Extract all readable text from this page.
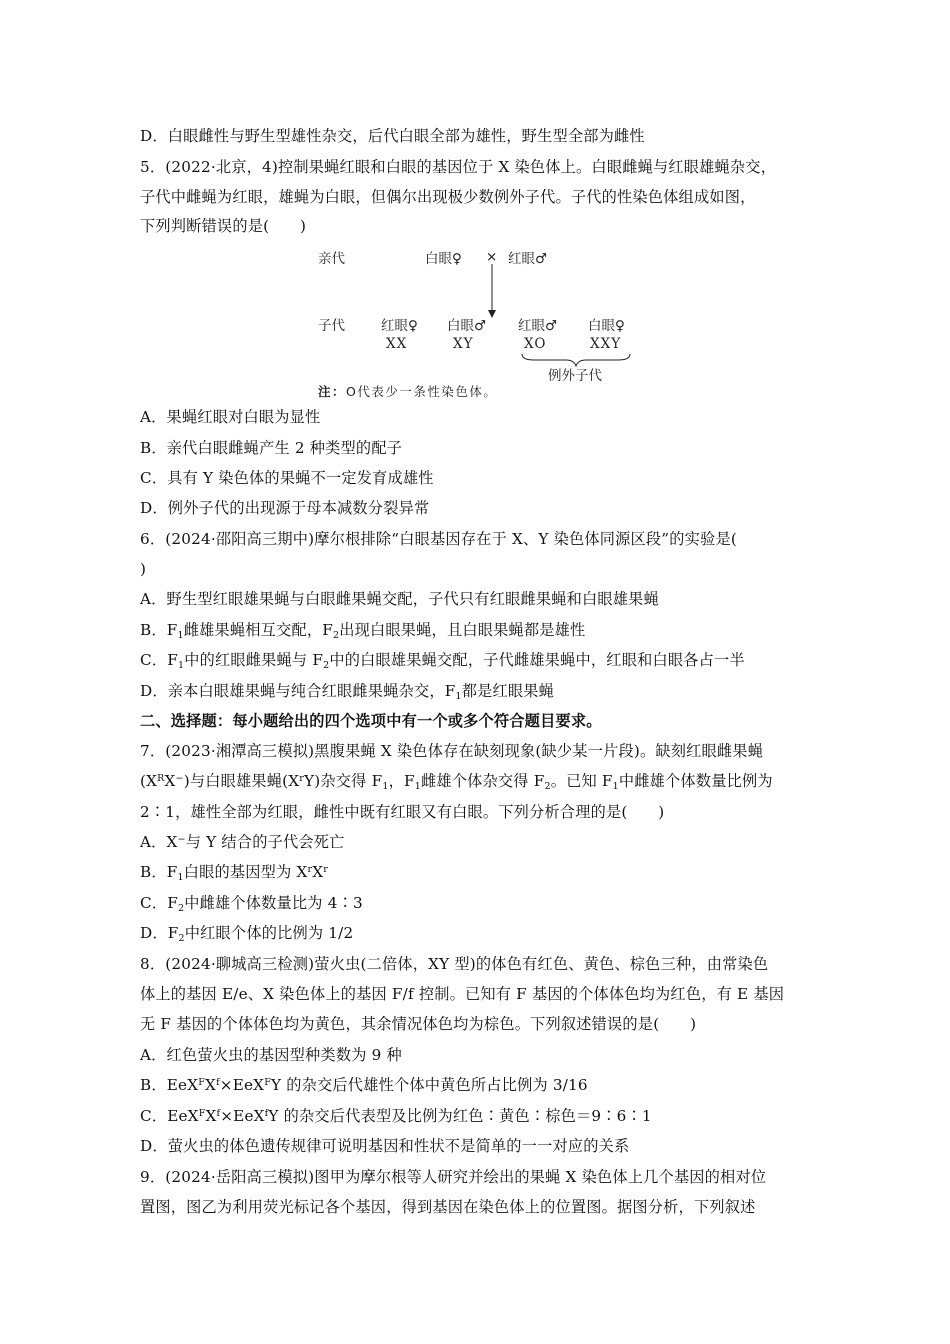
D．白眼雌性与野生型雄性杂交，后代白眼全部为雄性，野生型全部为雌性
5．(2022·北京，4)控制果蝇红眼和白眼的基因位于 X 染色体上。白眼雌蝇与红眼雄蝇杂交，
子代中雌蝇为红眼，雄蝇为白眼，但偶尔出现极少数例外子代。子代的性染色体组成如图，
下列判断错误的是(　　)
亲代	白眼♀ × 红眼♂
子代	红眼♀ 白眼♂ 红眼♂ 白眼♀
XX	XY	XO	XXY
例外子代
注：O代表少一条性染色体。
A．果蝇红眼对白眼为显性
B．亲代白眼雌蝇产生 2 种类型的配子
C．具有 Y 染色体的果蝇不一定发育成雄性
D．例外子代的出现源于母本减数分裂异常
6．(2024·邵阳高三期中)摩尔根排除“白眼基因存在于 X、Y 染色体同源区段”的实验是(
)
A．野生型红眼雄果蝇与白眼雌果蝇交配，子代只有红眼雌果蝇和白眼雄果蝇
B．$F_1$雌雄果蝇相互交配，$F_2$出现白眼果蝇，且白眼果蝇都是雄性
C．$F_1$中的红眼雌果蝇与 $F_2$中的白眼雄果蝇交配，子代雌雄果蝇中，红眼和白眼各占一半
D．亲本白眼雄果蝇与纯合红眼雌果蝇杂交，$F_1$都是红眼果蝇
二、选择题：每小题给出的四个选项中有一个或多个符合题目要求。
7．(2023·湘潭高三模拟)黑腹果蝇 X 染色体存在缺刻现象(缺少某一片段)。缺刻红眼雌果蝇
$(X^RX^-)$与白眼雄果蝇$(X^rY)$杂交得 $F_1$，$F_1$雌雄个体杂交得 $F_2$。已知 $F_1$中雌雄个体数量比例为
2∶1，雄性全部为红眼，雌性中既有红眼又有白眼。下列分析合理的是(　　)
A．X−与 Y 结合的子代会死亡
B．$F_1$白眼的基因型为 $X^rX^r$
C．$F_2$中雌雄个体数量比为 4∶3
D．$F_2$中红眼个体的比例为 1/2
8．(2024·聊城高三检测)萤火虫(二倍体，XY 型)的体色有红色、黄色、棕色三种，由常染色
体上的基因 E/e、X 染色体上的基因 F/f 控制。已知有 F 基因的个体体色均为红色，有 E 基因
无 F 基因的个体体色均为黄色，其余情况体色均为棕色。下列叙述错误的是(　　)
A．红色萤火虫的基因型种类数为 9 种
B．$EeX^FX^f\times EeX^FY$ 的杂交后代雄性个体中黄色所占比例为 3/16
C．$EeX^FX^f\times EeX^fY$ 的杂交后代表型及比例为红色∶黄色∶棕色＝9∶6∶1
D．萤火虫的体色遗传规律可说明基因和性状不是简单的一一对应的关系
9．(2024·岳阳高三模拟)图甲为摩尔根等人研究并绘出的果蝇 X 染色体上几个基因的相对位
置图，图乙为利用荧光标记各个基因，得到基因在染色体上的位置图。据图分析，下列叙述
